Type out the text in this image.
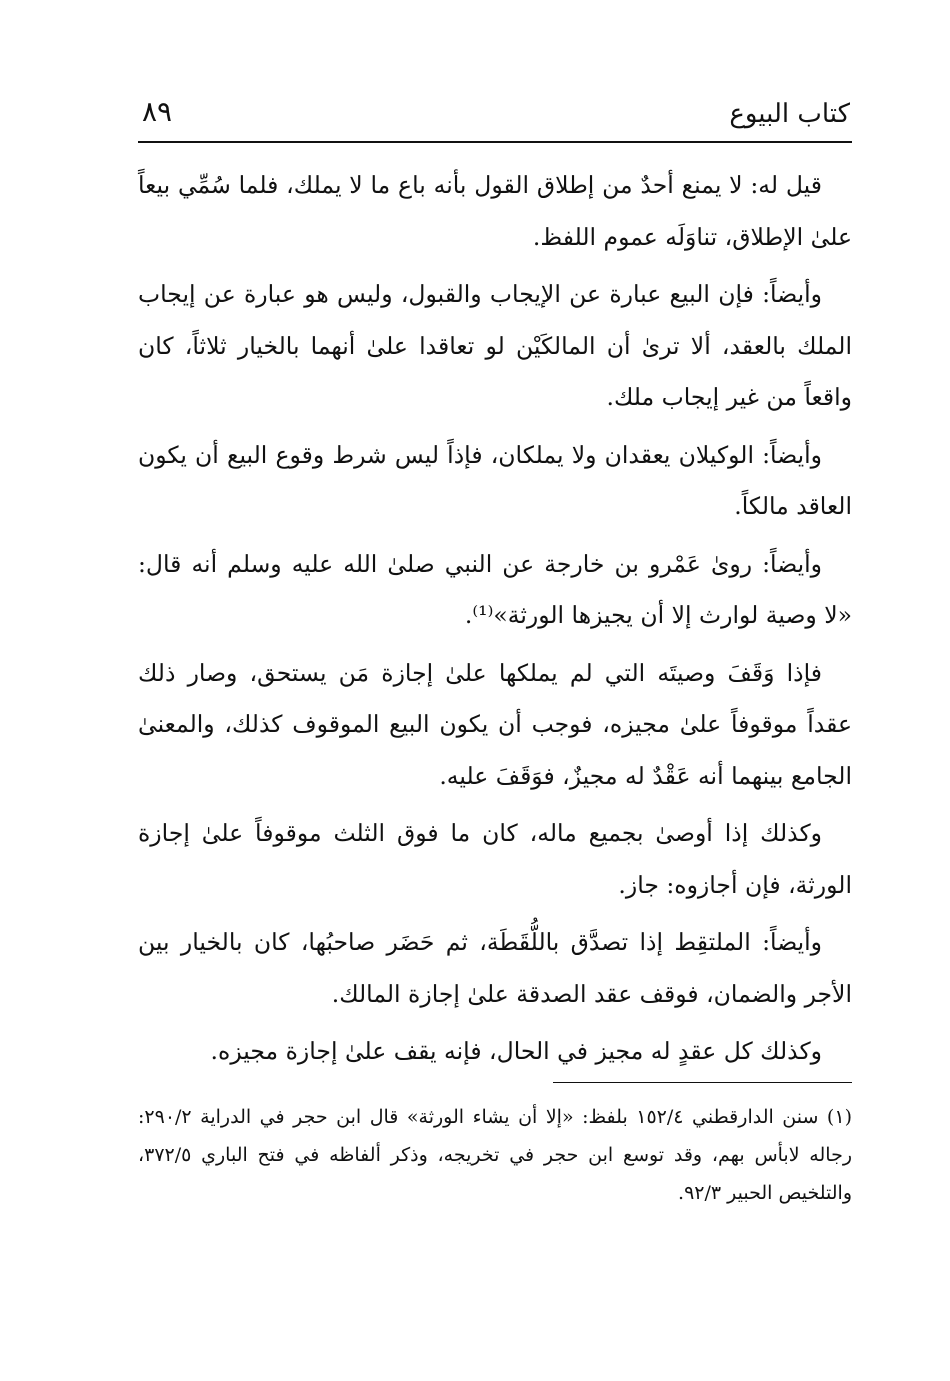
كتاب البيوع
٨٩

قيل له: لا يمنع أحدٌ من إطلاق القول بأنه باع ما لا يملك، فلما سُمِّي بيعاً علىٰ الإطلاق، تناوَلَه عموم اللفظ.

وأيضاً: فإن البيع عبارة عن الإيجاب والقبول، وليس هو عبارة عن إيجاب الملك بالعقد، ألا ترىٰ أن المالكَيْن لو تعاقدا علىٰ أنهما بالخيار ثلاثاً، كان واقعاً من غير إيجاب ملك.

وأيضاً: الوكيلان يعقدان ولا يملكان، فإذاً ليس شرط وقوع البيع أن يكون العاقد مالكاً.

وأيضاً: روىٰ عَمْرو بن خارجة عن النبي صلىٰ الله عليه وسلم أنه قال: «لا وصية لوارث إلا أن يجيزها الورثة»⁽¹⁾.

فإذا وَقَفَ وصيتَه التي لم يملكها علىٰ إجازة مَن يستحق، وصار ذلك عقداً موقوفاً علىٰ مجيزه، فوجب أن يكون البيع الموقوف كذلك، والمعنىٰ الجامع بينهما أنه عَقْدٌ له مجيزٌ، فوَقَفَ عليه.

وكذلك إذا أوصىٰ بجميع ماله، كان ما فوق الثلث موقوفاً علىٰ إجازة الورثة، فإن أجازوه: جاز.

وأيضاً: الملتقِط إذا تصدَّق باللُّقَطَة، ثم حَضَر صاحبُها، كان بالخيار بين الأجر والضمان، فوقف عقد الصدقة علىٰ إجازة المالك.

وكذلك كل عقدٍ له مجيز في الحال، فإنه يقف علىٰ إجازة مجيزه.

(١) سنن الدارقطني ١٥٢/٤ بلفظ: «إلا أن يشاء الورثة» قال ابن حجر في الدراية ٢٩٠/٢: رجاله لابأس بهم، وقد توسع ابن حجر في تخريجه، وذكر ألفاظه في فتح الباري ٣٧٢/٥، والتلخيص الحبير ٩٢/٣.
